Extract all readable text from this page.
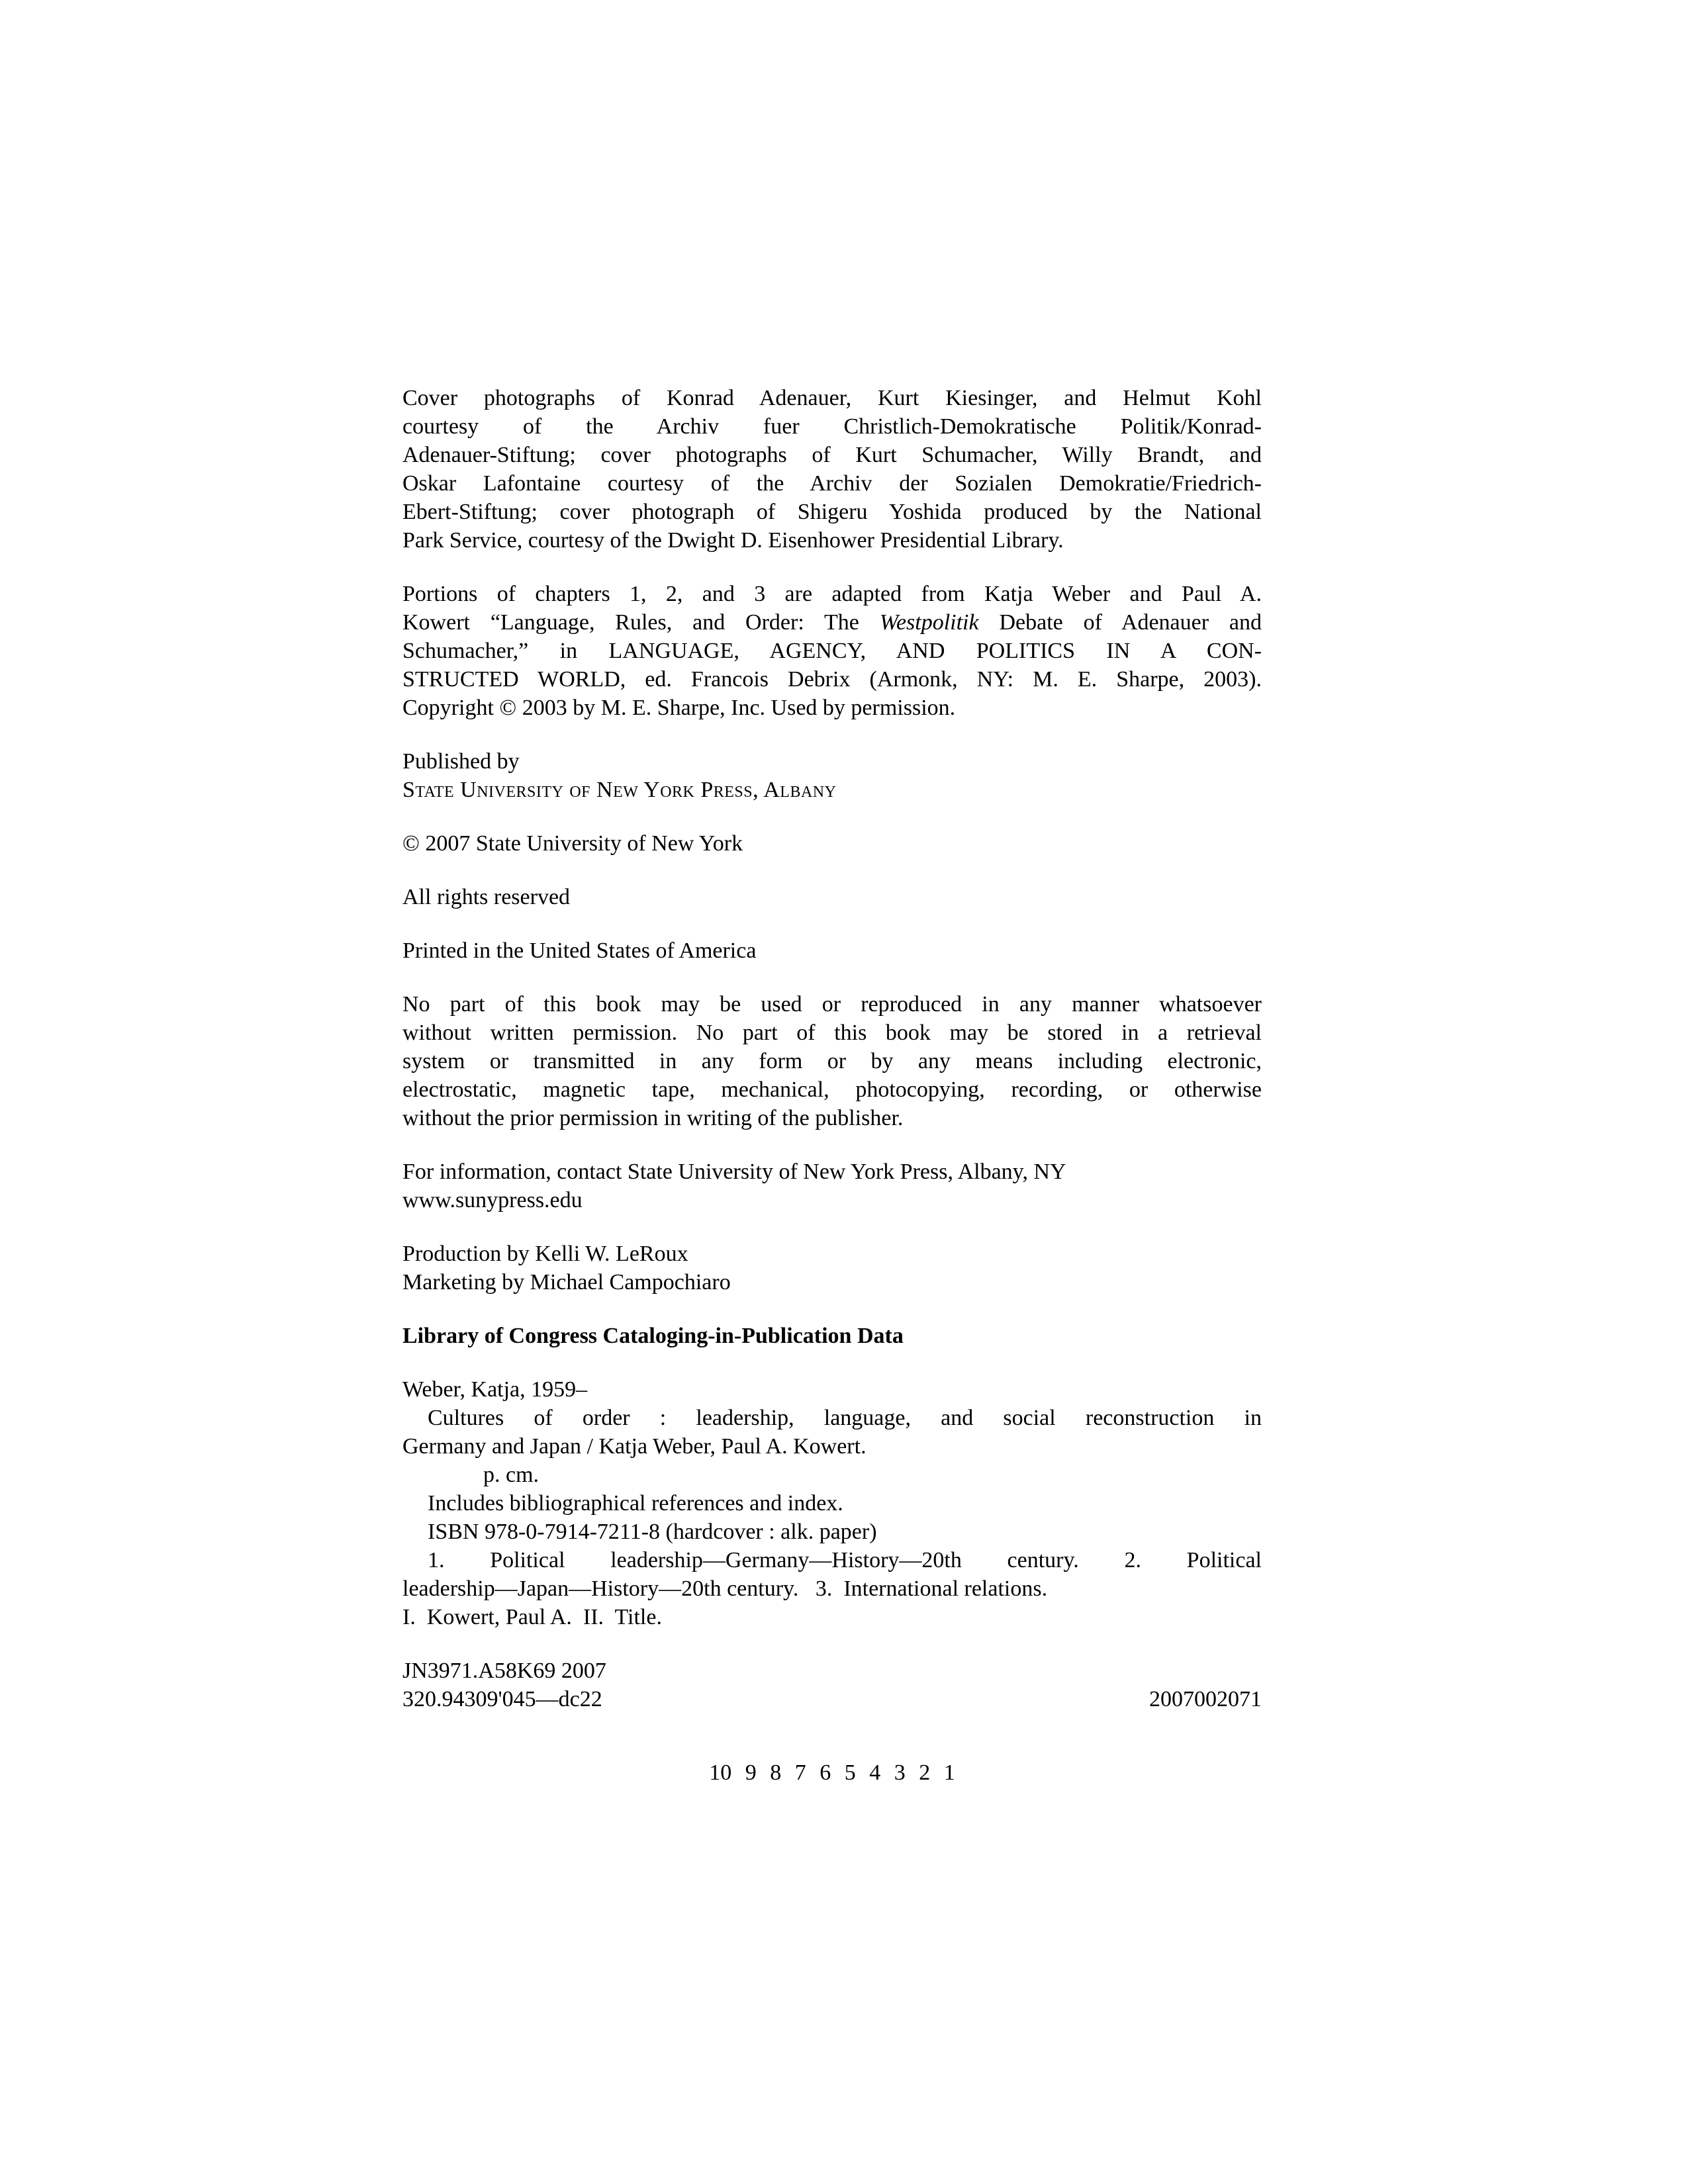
Cover photographs of Konrad Adenauer, Kurt Kiesinger, and Helmut Kohl
courtesy of the Archiv fuer Christlich-Demokratische Politik/Konrad-
Adenauer-Stiftung; cover photographs of Kurt Schumacher, Willy Brandt, and
Oskar Lafontaine courtesy of the Archiv der Sozialen Demokratie/Friedrich-
Ebert-Stiftung; cover photograph of Shigeru Yoshida produced by the National
Park Service, courtesy of the Dwight D. Eisenhower Presidential Library.
Portions of chapters 1, 2, and 3 are adapted from Katja Weber and Paul A.
Kowert “Language, Rules, and Order: The Westpolitik Debate of Adenauer and
Schumacher,” in LANGUAGE, AGENCY, AND POLITICS IN A CON-
STRUCTED WORLD, ed. Francois Debrix (Armonk, NY: M. E. Sharpe, 2003).
Copyright © 2003 by M. E. Sharpe, Inc. Used by permission.
Published by
State University of New York Press, Albany
© 2007 State University of New York
All rights reserved
Printed in the United States of America
No part of this book may be used or reproduced in any manner whatsoever
without written permission. No part of this book may be stored in a retrieval
system or transmitted in any form or by any means including electronic,
electrostatic, magnetic tape, mechanical, photocopying, recording, or otherwise
without the prior permission in writing of the publisher.
For information, contact State University of New York Press, Albany, NY
www.sunypress.edu
Production by Kelli W. LeRoux
Marketing by Michael Campochiaro
Library of Congress Cataloging-in-Publication Data
Weber, Katja, 1959–
Cultures of order : leadership, language, and social reconstruction in
Germany and Japan / Katja Weber, Paul A. Kowert.
p. cm.
Includes bibliographical references and index.
ISBN 978-0-7914-7211-8 (hardcover : alk. paper)
1. Political leadership—Germany—History—20th century. 2. Political
leadership—Japan—History—20th century.   3.  International relations.
I.  Kowert, Paul A.  II.  Title.
JN3971.A58K69 2007
320.94309'045—dc22	2007002071
10 9 8 7 6 5 4 3 2 1
